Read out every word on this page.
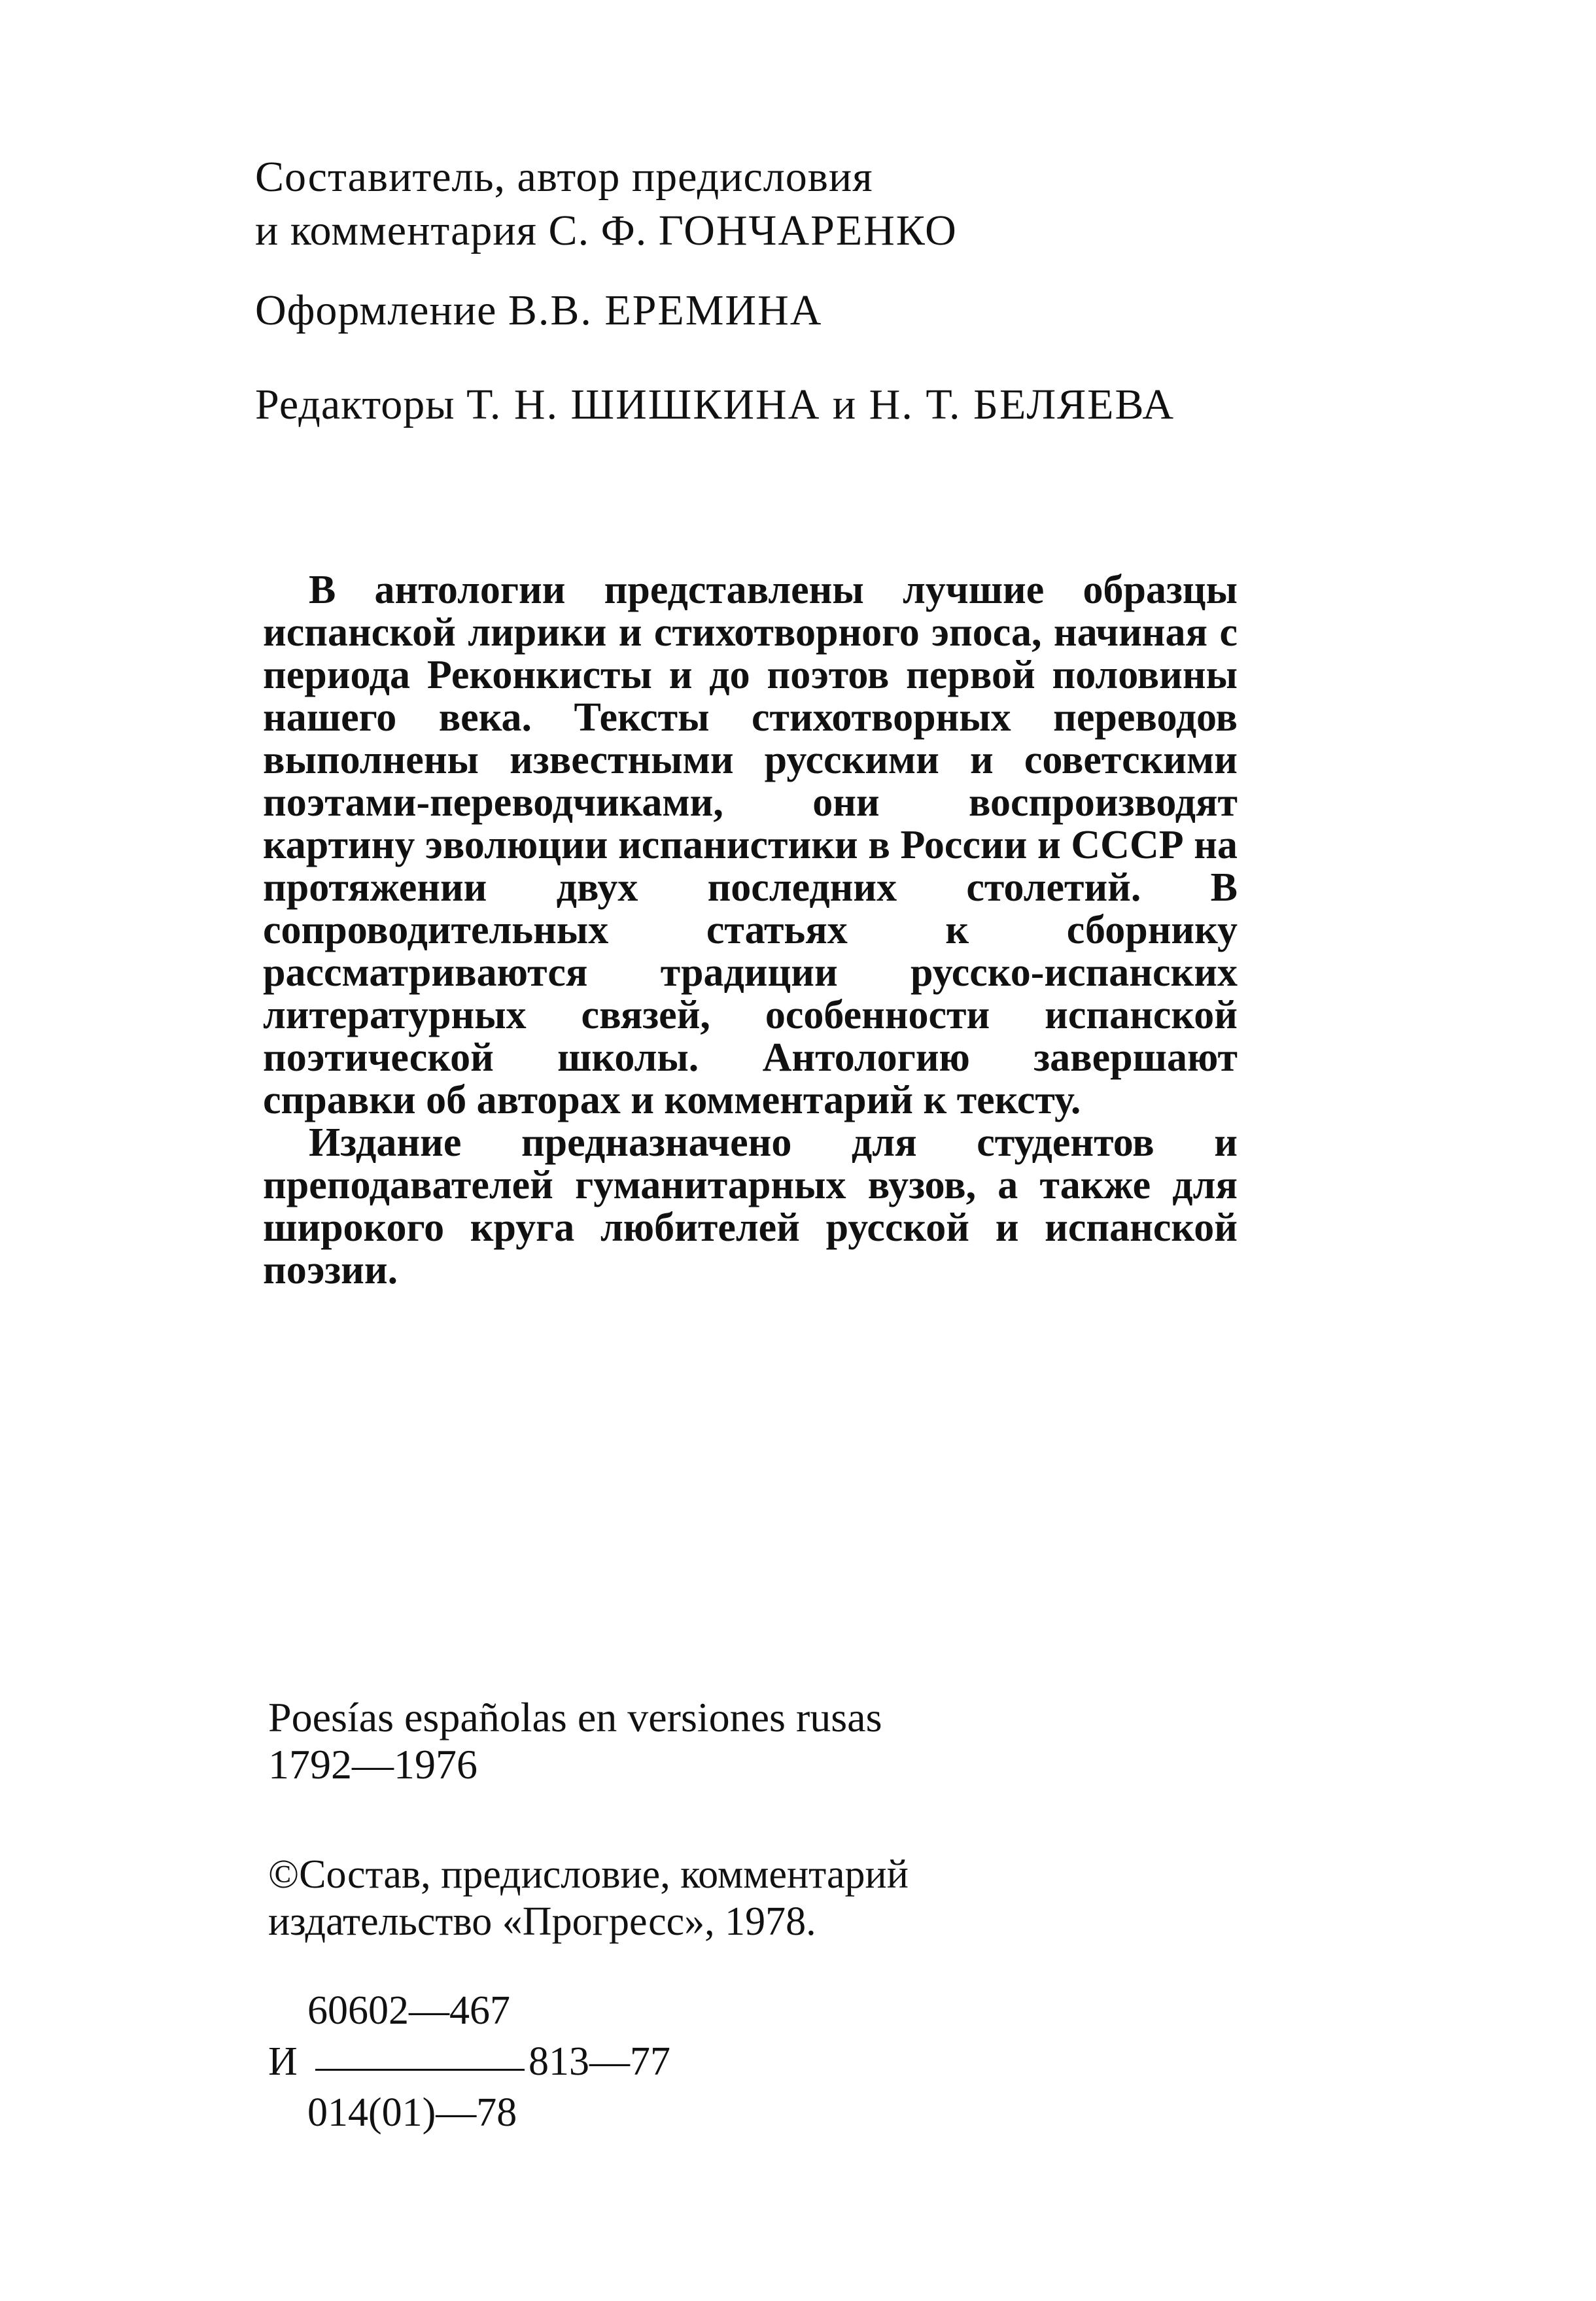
Составитель, автор предисловия
и комментария С. Ф. ГОНЧАРЕНКО
Оформление В.В. ЕРЕМИНА
Редакторы Т. Н. ШИШКИНА и Н. Т. БЕЛЯЕВА

В антологии представлены лучшие образцы испанской лирики и стихотворного эпоса, начиная с периода Реконкисты и до поэтов первой половины нашего века. Тексты стихотворных переводов выполнены известными русскими и советскими поэтами-переводчиками, они воспроизводят картину эволюции испанистики в России и СССР на протяжении двух последних столетий. В сопроводительных статьях к сборнику рассматриваются традиции русско-испанских литературных связей, особенности испанской поэтической школы. Антологию завершают справки об авторах и комментарий к тексту.

Издание предназначено для студентов и преподавателей гуманитарных вузов, а также для широкого круга любителей русской и испанской поэзии.

Poesías españolas en versiones rusas
1792—1976
©Состав, предисловие, комментарий
издательство «Прогресс», 1978.
60602—467
И	813—77
014(01)—78
